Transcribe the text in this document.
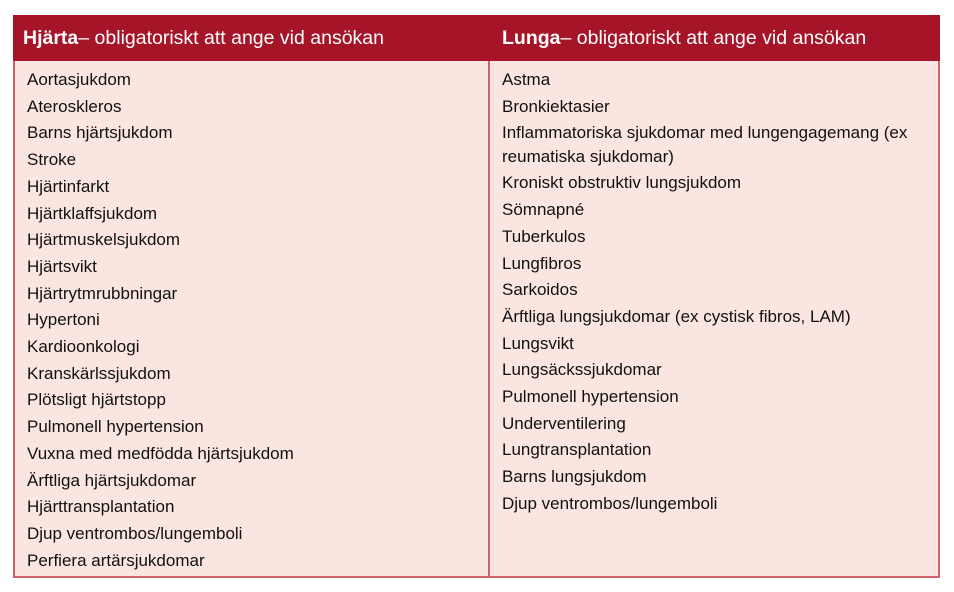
Hjärta – obligatoriskt att ange vid ansökan
Aortasjukdom
Ateroskleros
Barns hjärtsjukdom
Stroke
Hjärtinfarkt
Hjärtklaffsjukdom
Hjärtmuskelsjukdom
Hjärtsvikt
Hjärtrytmrubbningar
Hypertoni
Kardioonkologi
Kranskärlssjukdom
Plötsligt hjärtstopp
Pulmonell hypertension
Vuxna med medfödda hjärtsjukdom
Ärftliga hjärtsjukdomar
Hjärttransplantation
Djup ventrombos/lungemboli
Perfiera artärsjukdomar
Lunga – obligatoriskt att ange vid ansökan
Astma
Bronkiektasier
Inflammatoriska sjukdomar med lungengagemang (ex reumatiska sjukdomar)
Kroniskt obstruktiv lungsjukdom
Sömnapné
Tuberkulos
Lungfibros
Sarkoidos
Ärftliga lungsjukdomar (ex cystisk fibros, LAM)
Lungsvikt
Lungsäckssjukdomar
Pulmonell hypertension
Underventilering
Lungtransplantation
Barns lungsjukdom
Djup ventrombos/lungemboli
